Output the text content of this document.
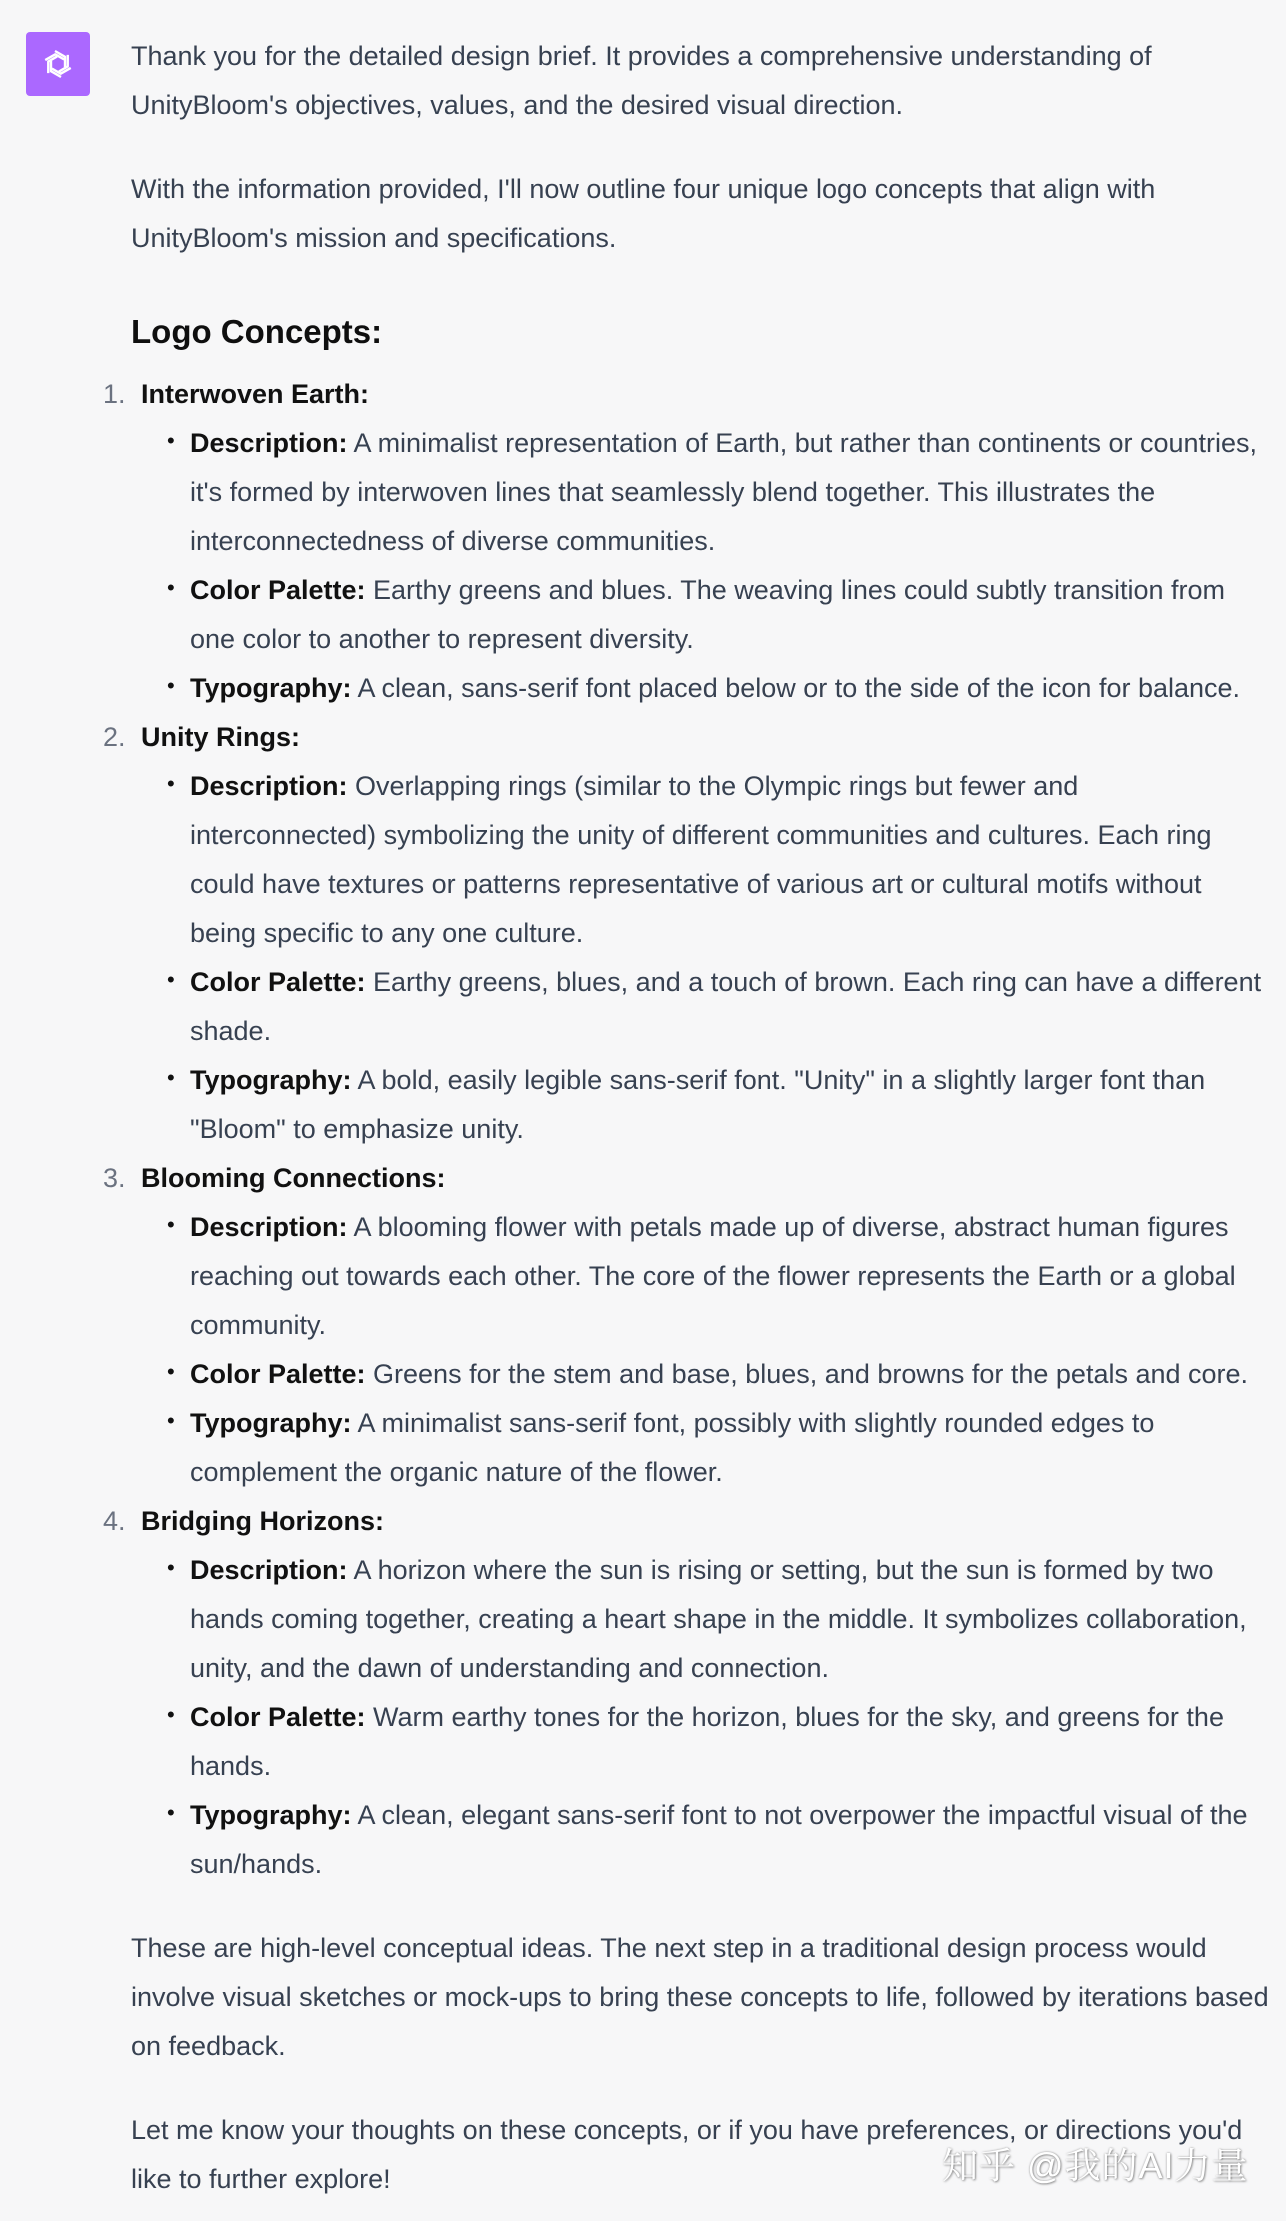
Thank you for the detailed design brief. It provides a comprehensive understanding of UnityBloom's objectives, values, and the desired visual direction.

With the information provided, I'll now outline four unique logo concepts that align with UnityBloom's mission and specifications.

Logo Concepts:
1. Interwoven Earth:
• Description: A minimalist representation of Earth, but rather than continents or countries, it's formed by interwoven lines that seamlessly blend together. This illustrates the interconnectedness of diverse communities.
• Color Palette: Earthy greens and blues. The weaving lines could subtly transition from one color to another to represent diversity.
• Typography: A clean, sans-serif font placed below or to the side of the icon for balance.
2. Unity Rings:
• Description: Overlapping rings (similar to the Olympic rings but fewer and interconnected) symbolizing the unity of different communities and cultures. Each ring could have textures or patterns representative of various art or cultural motifs without being specific to any one culture.
• Color Palette: Earthy greens, blues, and a touch of brown. Each ring can have a different shade.
• Typography: A bold, easily legible sans-serif font. "Unity" in a slightly larger font than "Bloom" to emphasize unity.
3. Blooming Connections:
• Description: A blooming flower with petals made up of diverse, abstract human figures reaching out towards each other. The core of the flower represents the Earth or a global community.
• Color Palette: Greens for the stem and base, blues, and browns for the petals and core.
• Typography: A minimalist sans-serif font, possibly with slightly rounded edges to complement the organic nature of the flower.
4. Bridging Horizons:
• Description: A horizon where the sun is rising or setting, but the sun is formed by two hands coming together, creating a heart shape in the middle. It symbolizes collaboration, unity, and the dawn of understanding and connection.
• Color Palette: Warm earthy tones for the horizon, blues for the sky, and greens for the hands.
• Typography: A clean, elegant sans-serif font to not overpower the impactful visual of the sun/hands.

These are high-level conceptual ideas. The next step in a traditional design process would involve visual sketches or mock-ups to bring these concepts to life, followed by iterations based on feedback.

Let me know your thoughts on these concepts, or if you have preferences, or directions you'd like to further explore!	知乎 @我的AI力量
